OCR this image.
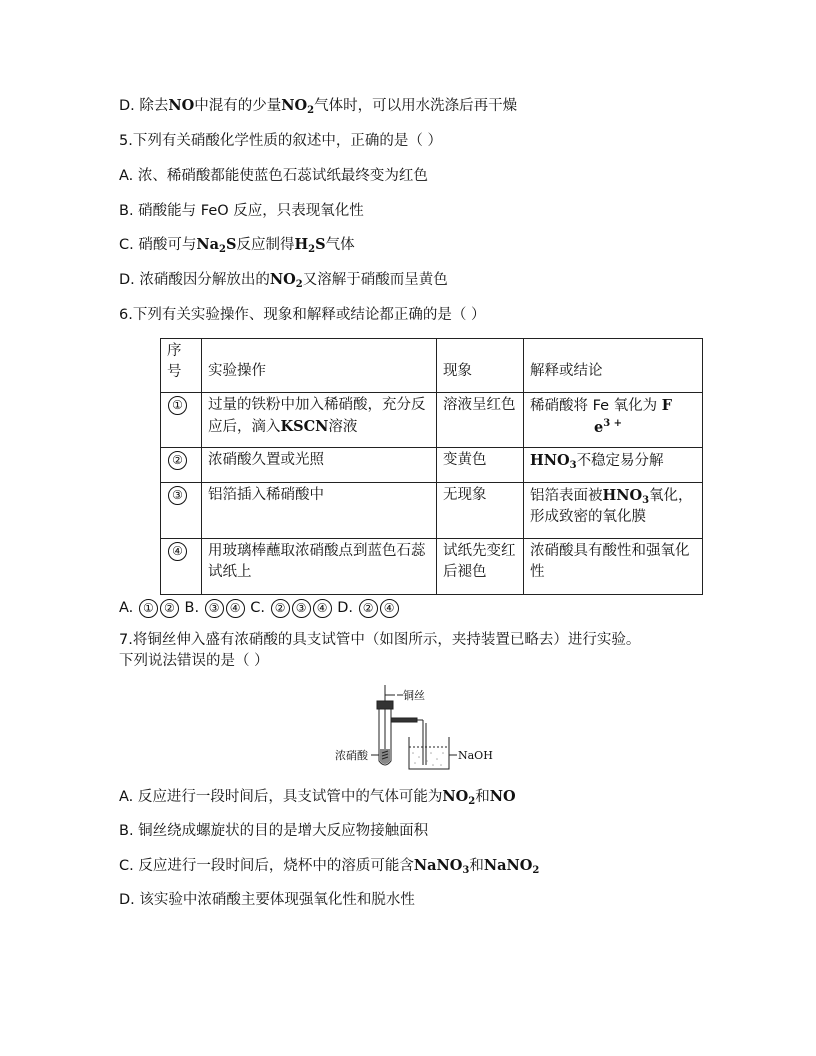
D. 除去NO中混有的少量$NO_2$气体时，可以用水洗涤后再干燥
5.下列有关硝酸化学性质的叙述中，正确的是（ ）
A. 浓、稀硝酸都能使蓝色石蕊试纸最终变为红色
B. 硝酸能与 FeO 反应，只表现氧化性
C. 硝酸可与$Na_2S$反应制得$H_2S$气体
D. 浓硝酸因分解放出的$NO_2$又溶解于硝酸而呈黄色
6.下列有关实验操作、现象和解释或结论都正确的是（ ）
序
号	实验操作	现象	解释或结论

①	过量的铁粉中加入稀硝酸，充分反应后，滴入KSCN溶液	溶液呈红色	稀硝酸将 Fe 氧化为 F
$e^{3 +}$
②	浓硝酸久置或光照	变黄色	$HNO_3$不稳定易分解
③	铝箔插入稀硝酸中	无现象	铝箔表面被$HNO_3$氧化，形成致密的氧化膜
④	用玻璃棒蘸取浓硝酸点到蓝色石蕊试纸上	试纸先变红后褪色	浓硝酸具有酸性和强氧化性
A. ① ② B. ③ ④ C. ② ③ ④ D. ② ④
7.将铜丝伸入盛有浓硝酸的具支试管中（如图所示，夹持装置已略去）进行实验。
下列说法错误的是（ ）
铜丝
浓硝酸	NaOH
A. 反应进行一段时间后，具支试管中的气体可能为$NO_2$和NO
B. 铜丝绕成螺旋状的目的是增大反应物接触面积
C. 反应进行一段时间后，烧杯中的溶质可能含NaNO$_3$和NaNO$_2$
D. 该实验中浓硝酸主要体现强氧化性和脱水性
